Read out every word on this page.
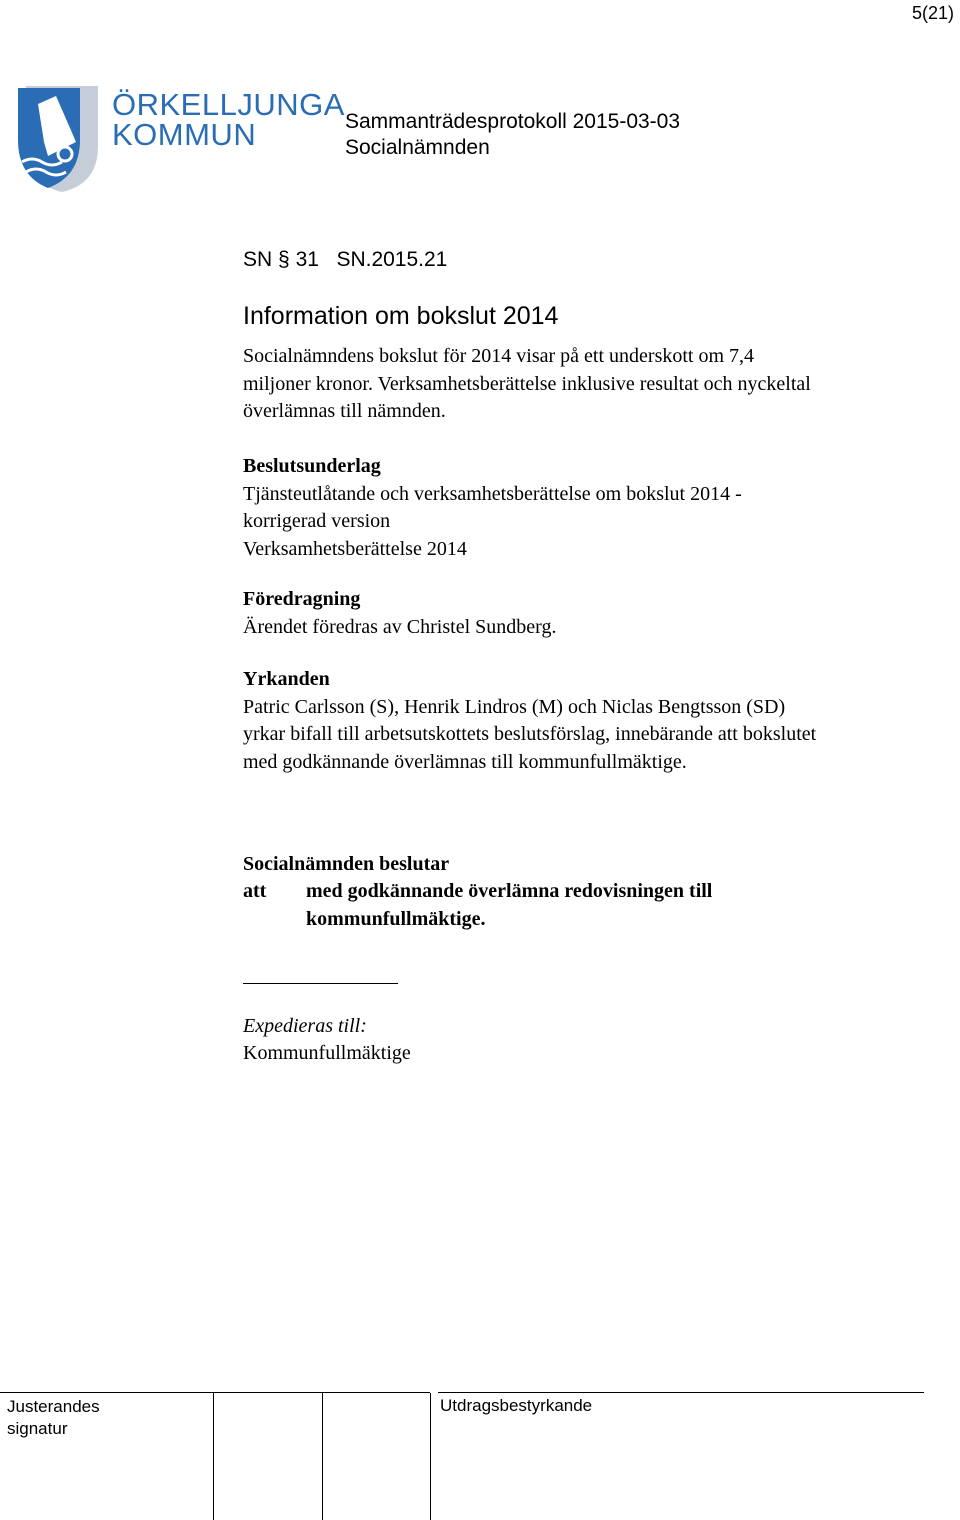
5(21)
ÖRKELLJUNGA
KOMMUN	Sammanträdesprotokoll 2015-03-03
Socialnämnden
SN § 31 SN.2015.21
Information om bokslut 2014
Socialnämndens bokslut för 2014 visar på ett underskott om 7,4
miljoner kronor. Verksamhetsberättelse inklusive resultat och nyckeltal
överlämnas till nämnden.
Beslutsunderlag
Tjänsteutlåtande och verksamhetsberättelse om bokslut 2014 -
korrigerad version
Verksamhetsberättelse 2014
Föredragning
Ärendet föredras av Christel Sundberg.
Yrkanden
Patric Carlsson (S), Henrik Lindros (M) och Niclas Bengtsson (SD)
yrkar bifall till arbetsutskottets beslutsförslag, innebärande att bokslutet
med godkännande överlämnas till kommunfullmäktige.
Socialnämnden beslutar
att med godkännande överlämna redovisningen till
kommunfullmäktige.
Expedieras till:
Kommunfullmäktige
Justerandes
signatur
Utdragsbestyrkande
